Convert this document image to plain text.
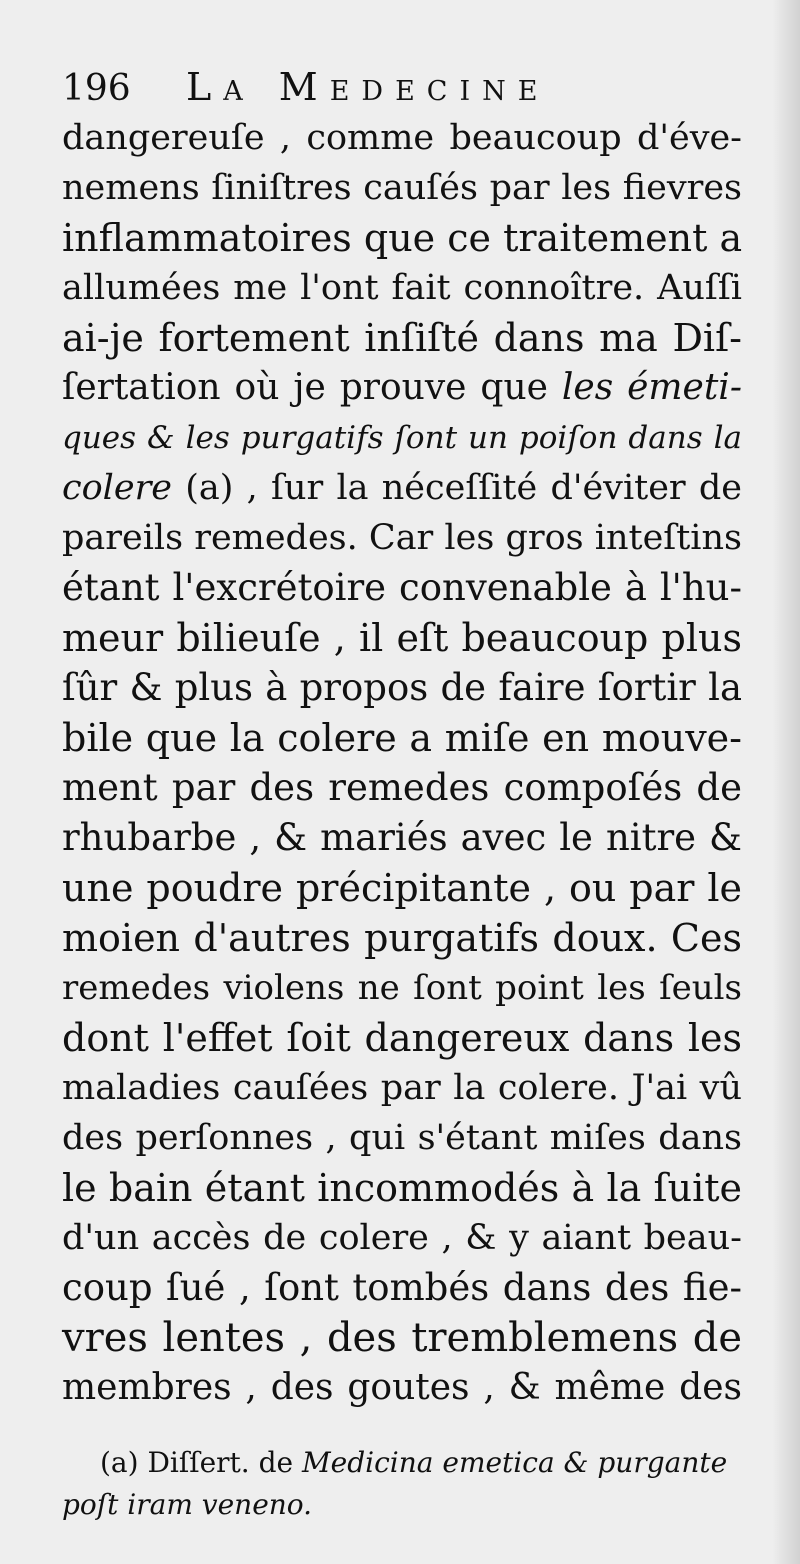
196 La Medecine
dangereuſe , comme beaucoup d'éve-
nemens ſiniſtres cauſés par les fievres
inflammatoires que ce traitement a
allumées me l'ont fait connoître. Auſſi
ai-je fortement inſiſté dans ma Diſ-
ſertation où je prouve que les émeti-
ques & les purgatifs ſont un poiſon dans la
colere (a) , ſur la néceſſité d'éviter de
pareils remedes. Car les gros inteſtins
étant l'excrétoire convenable à l'hu-
meur bilieuſe , il eſt beaucoup plus
ſûr & plus à propos de faire ſortir la
bile que la colere a miſe en mouve-
ment par des remedes compoſés de
rhubarbe , & mariés avec le nitre &
une poudre précipitante , ou par le
moien d'autres purgatifs doux. Ces
remedes violens ne ſont point les ſeuls
dont l'effet ſoit dangereux dans les
maladies cauſées par la colere. J'ai vû
des perſonnes , qui s'étant miſes dans
le bain étant incommodés à la ſuite
d'un accès de colere , & y aiant beau-
coup ſué , ſont tombés dans des fie-
vres lentes , des tremblemens de
membres , des goutes , & même des
(a) Diſſert. de Medicina emetica & purgante
poſt iram veneno.
